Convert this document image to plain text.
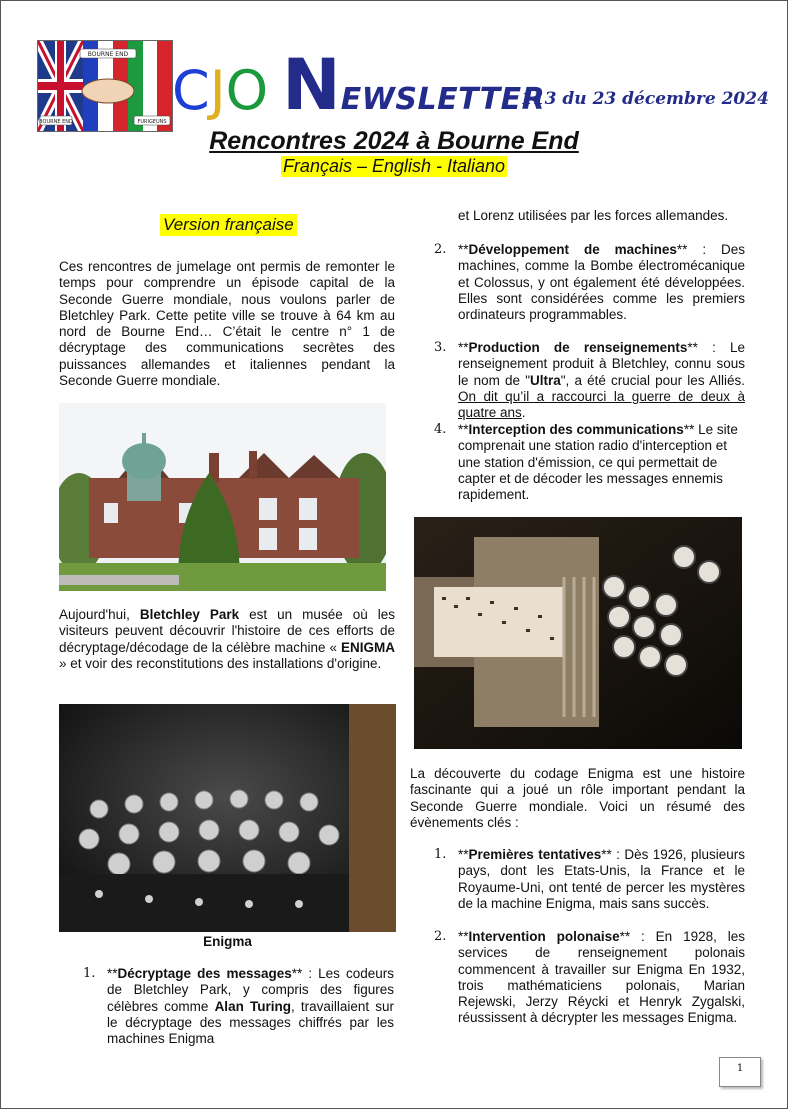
BOURNE END
BOURNE END	FURIGEUNS CJO NEWSLETTER
113 du 23 décembre 2024
Rencontres 2024 à Bourne End
Français – English - Italiano
Version française
Ces rencontres de jumelage ont permis de remonter le temps pour comprendre un épisode capital de la Seconde Guerre mondiale, nous voulons parler de Bletchley Park. Cette petite ville se trouve à 64 km au nord de Bourne End… C’était le centre n° 1 de décryptage des communications secrètes des puissances allemandes et italiennes pendant la Seconde Guerre mondiale.
Aujourd'hui, Bletchley Park est un musée où les visiteurs peuvent découvrir l'histoire de ces efforts de décryptage/décodage de la célèbre machine « ENIGMA » et voir des reconstitutions des installations d'origine.
Enigma
1. **Décryptage des messages** : Les codeurs de Bletchley Park, y compris des figures célèbres comme Alan Turing, travaillaient sur le décryptage des messages chiffrés par les machines Enigma
et Lorenz utilisées par les forces allemandes.
2. **Développement de machines** : Des machines, comme la Bombe électromécanique et Colossus, y ont également été développées. Elles sont considérées comme les premiers ordinateurs programmables.
3. **Production de renseignements** : Le renseignement produit à Bletchley, connu sous le nom de "Ultra", a été crucial pour les Alliés. On dit qu’il a raccourci la guerre de deux à quatre ans.
4. **Interception des communications** Le site comprenait une station radio d'interception et une station d'émission, ce qui permettait de capter et de décoder les messages ennemis rapidement.
La découverte du codage Enigma est une histoire fascinante qui a joué un rôle important pendant la Seconde Guerre mondiale. Voici un résumé des évènements clés :
1. **Premières tentatives** : Dès 1926, plusieurs pays, dont les Etats-Unis, la France et le Royaume-Uni, ont tenté de percer les mystères de la machine Enigma, mais sans succès.
2. **Intervention polonaise** : En 1928, les services de renseignement polonais commencent à travailler sur Enigma En 1932, trois mathématiciens polonais, Marian Rejewski, Jerzy Réycki et Henryk Zygalski, réussissent à décrypter les messages Enigma.
1
